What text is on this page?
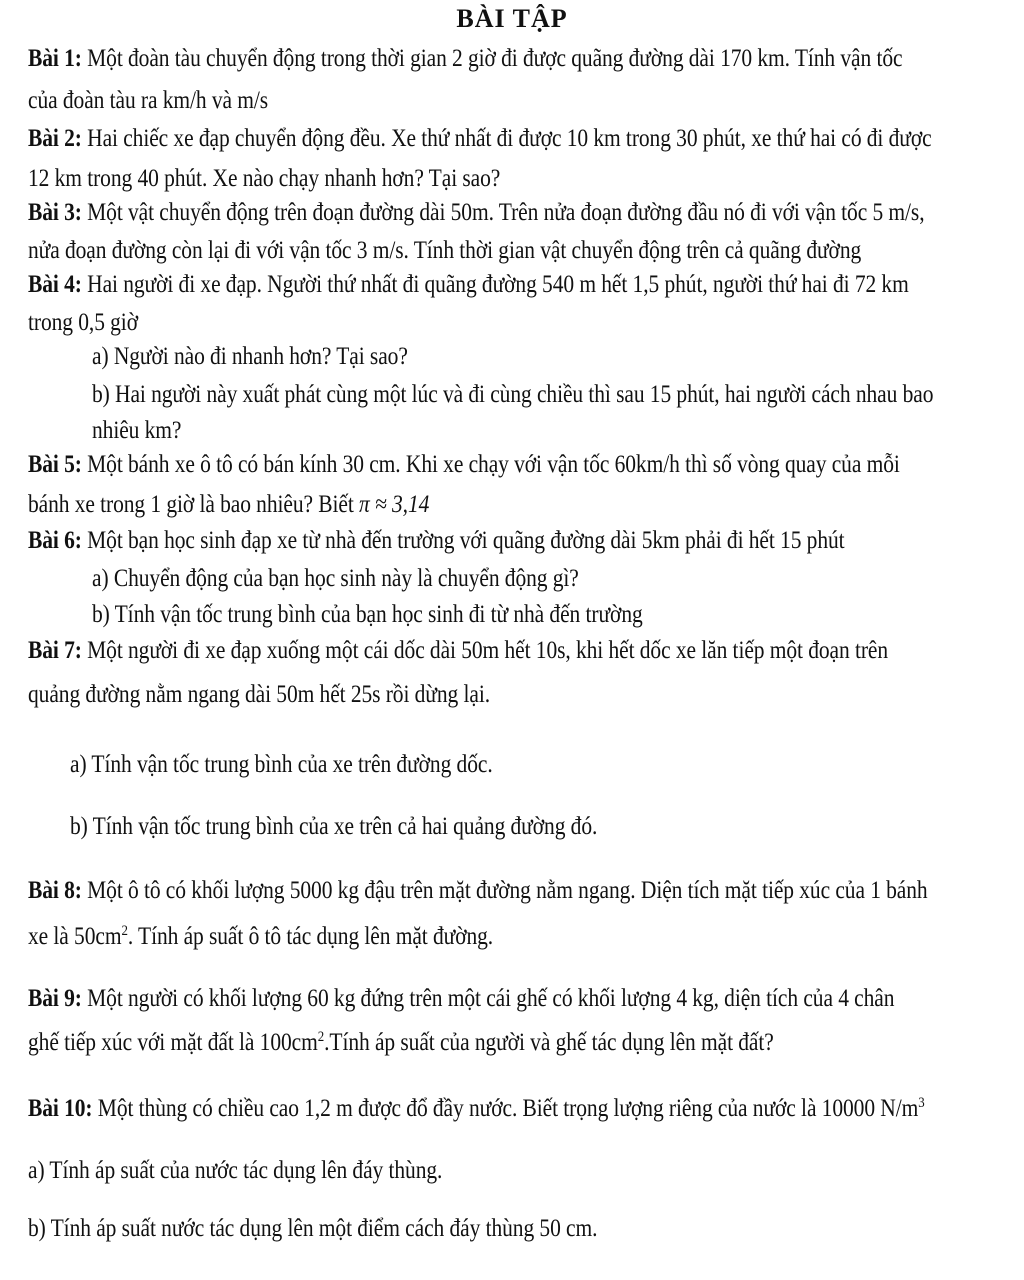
BÀI TẬP
Bài 1: Một đoàn tàu chuyển động trong thời gian 2 giờ đi được quãng đường dài 170 km. Tính vận tốc
của đoàn tàu ra km/h và m/s
Bài 2: Hai chiếc xe đạp chuyển động đều. Xe thứ nhất đi được 10 km trong 30 phút, xe thứ hai có đi được
12 km trong 40 phút. Xe nào chạy nhanh hơn? Tại sao?
Bài 3: Một vật chuyển động trên đoạn đường dài 50m. Trên nửa đoạn đường đầu nó đi với vận tốc 5 m/s,
nửa đoạn đường còn lại đi với vận tốc 3 m/s. Tính thời gian vật chuyển động trên cả quãng đường
Bài 4: Hai người đi xe đạp. Người thứ nhất đi quãng đường 540 m hết 1,5 phút, người thứ hai đi 72 km
trong 0,5 giờ
a) Người nào đi nhanh hơn? Tại sao?
b) Hai người này xuất phát cùng một lúc và đi cùng chiều thì sau 15 phút, hai người cách nhau bao
nhiêu km?
Bài 5: Một bánh xe ô tô có bán kính 30 cm. Khi xe chạy với vận tốc 60km/h thì số vòng quay của mỗi
bánh xe trong 1 giờ là bao nhiêu? Biết π ≈ 3,14
Bài 6: Một bạn học sinh đạp xe từ nhà đến trường với quãng đường dài 5km phải đi hết 15 phút
a) Chuyển động của bạn học sinh này là chuyển động gì?
b) Tính vận tốc trung bình của bạn học sinh đi từ nhà đến trường
Bài 7: Một người đi xe đạp xuống một cái dốc dài 50m hết 10s, khi hết dốc xe lăn tiếp một đoạn trên
quảng đường nằm ngang dài 50m hết 25s rồi dừng lại.
a) Tính vận tốc trung bình của xe trên đường dốc.
b) Tính vận tốc trung bình của xe trên cả hai quảng đường đó.
Bài 8: Một ô tô có khối lượng 5000 kg đậu trên mặt đường nằm ngang. Diện tích mặt tiếp xúc của 1 bánh
xe là $50cm^2$. Tính áp suất ô tô tác dụng lên mặt đường.
Bài 9: Một người có khối lượng 60 kg đứng trên một cái ghế có khối lượng 4 kg, diện tích của 4 chân
ghế tiếp xúc với mặt đất là $100cm^2.Tính$ áp suất của người và ghế tác dụng lên mặt đất?
Bài 10: Một thùng có chiều cao 1,2 m được đổ đầy nước. Biết trọng lượng riêng của nước là 10000 $N/m^3$
a) Tính áp suất của nước tác dụng lên đáy thùng.
b) Tính áp suất nước tác dụng lên một điểm cách đáy thùng 50 cm.
